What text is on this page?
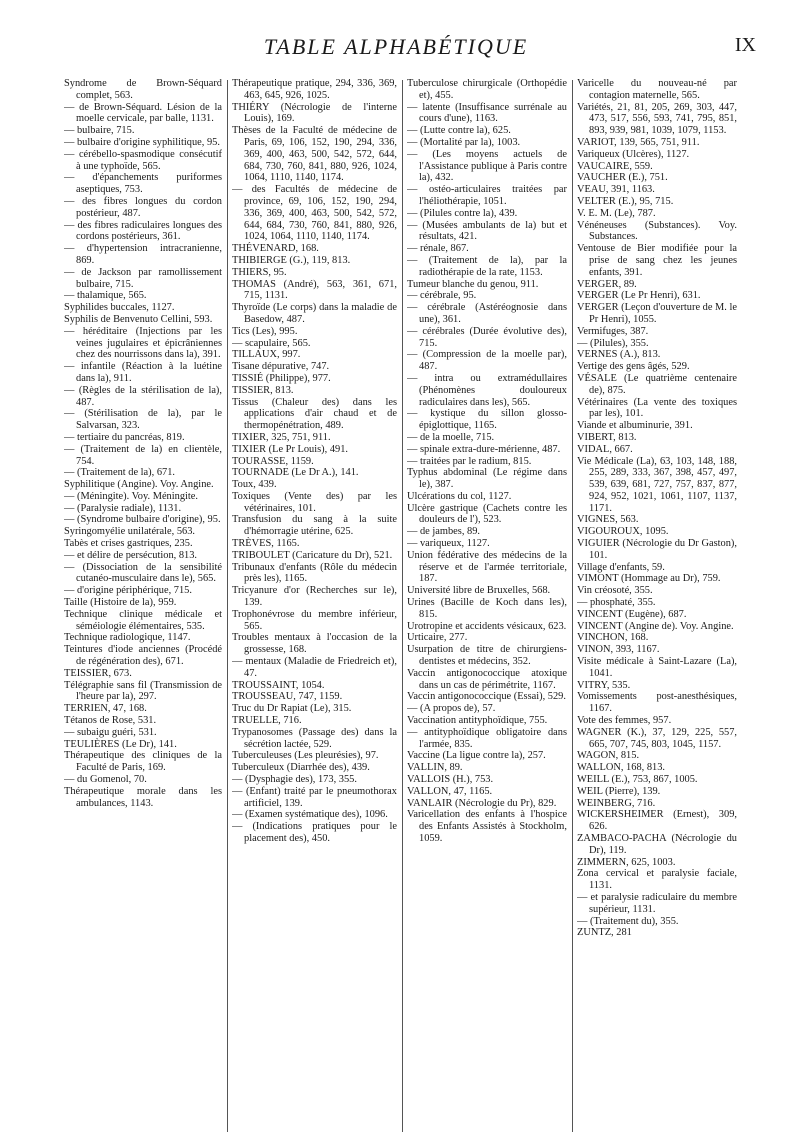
TABLE ALPHABÉTIQUE	IX

Syndrome de Brown-Séquard complet, 563.

— de Brown-Séquard. Lésion de la moelle cervicale, par balle, 1131.

— bulbaire, 715.

— bulbaire d'origine syphilitique, 95.

— cérébello-spasmodique consécutif à une typhoïde, 565.

— d'épanchements puriformes aseptiques, 753.

— des fibres longues du cordon postérieur, 487.

— des fibres radiculaires longues des cordons postérieurs, 361.

— d'hypertension intracranienne, 869.

— de Jackson par ramollissement bulbaire, 715.

— thalamique, 565.

Syphilides buccales, 1127.

Syphilis de Benvenuto Cellini, 593.

— héréditaire (Injections par les veines jugulaires et épicrâniennes chez des nourrissons dans la), 391.

— infantile (Réaction à la luétine dans la), 911.

— (Règles de la stérilisation de la), 487.

— (Stérilisation de la), par le Salvarsan, 323.

— tertiaire du pancréas, 819.

— (Traitement de la) en clientèle, 754.

— (Traitement de la), 671.

Syphilitique (Angine). Voy. Angine.

— (Méningite). Voy. Méningite.

— (Paralysie radiale), 1131.

— (Syndrome bulbaire d'origine), 95.

Syringomyélie unilatérale, 563.

Tabès et crises gastriques, 235.

— et délire de persécution, 813.

— (Dissociation de la sensibilité cutanéo-musculaire dans le), 565.

— d'origine périphérique, 715.

Taille (Histoire de la), 959.

Technique clinique médicale et séméiologie élémentaires, 535.

Technique radiologique, 1147.

Teintures d'iode anciennes (Procédé de régénération des), 671.

TEISSIER, 673.

Télégraphie sans fil (Transmission de l'heure par la), 297.

TERRIEN, 47, 168.

Tétanos de Rose, 531.

— subaigu guéri, 531.

TEULIÈRES (Le Dr), 141.

Thérapeutique des cliniques de la Faculté de Paris, 169.

— du Gomenol, 70.

Thérapeutique morale dans les ambulances, 1143.

Thérapeutique pratique, 294, 336, 369, 463, 645, 926, 1025.

THIÉRY (Nécrologie de l'interne Louis), 169.

Thèses de la Faculté de médecine de Paris, 69, 106, 152, 190, 294, 336, 369, 400, 463, 500, 542, 572, 644, 684, 730, 760, 841, 880, 926, 1024, 1064, 1110, 1140, 1174.

— des Facultés de médecine de province, 69, 106, 152, 190, 294, 336, 369, 400, 463, 500, 542, 572, 644, 684, 730, 760, 841, 880, 926, 1024, 1064, 1110, 1140, 1174.

THÉVENARD, 168.

THIBIERGE (G.), 119, 813.

THIERS, 95.

THOMAS (André), 563, 361, 671, 715, 1131.

Thyroïde (Le corps) dans la maladie de Basedow, 487.

Tics (Les), 995.

— scapulaire, 565.

TILLAUX, 997.

Tisane dépurative, 747.

TISSIÉ (Philippe), 977.

TISSIER, 813.

Tissus (Chaleur des) dans les applications d'air chaud et de thermopénétration, 489.

TIXIER, 325, 751, 911.

TIXIER (Le Pr Louis), 491.

TOURASSE, 1159.

TOURNADE (Le Dr A.), 141.

Toux, 439.

Toxiques (Vente des) par les vétérinaires, 101.

Transfusion du sang à la suite d'hémorragie utérine, 625.

TRÈVES, 1165.

TRIBOULET (Caricature du Dr), 521.

Tribunaux d'enfants (Rôle du médecin près les), 1165.

Tricyanure d'or (Recherches sur le), 139.

Trophonévrose du membre inférieur, 565.

Troubles mentaux à l'occasion de la grossesse, 168.

— mentaux (Maladie de Friedreich et), 47.

TROUSSAINT, 1054.

TROUSSEAU, 747, 1159.

Truc du Dr Rapiat (Le), 315.

TRUELLE, 716.

Trypanosomes (Passage des) dans la sécrétion lactée, 529.

Tuberculeuses (Les pleurésies), 97.

Tuberculeux (Diarrhée des), 439.

— (Dysphagie des), 173, 355.

— (Enfant) traité par le pneumothorax artificiel, 139.

— (Examen systématique des), 1096.

— (Indications pratiques pour le placement des), 450.

Tuberculose chirurgicale (Orthopédie et), 455.

— latente (Insuffisance surrénale au cours d'une), 1163.

— (Lutte contre la), 625.

— (Mortalité par la), 1003.

— (Les moyens actuels de l'Assistance publique à Paris contre la), 432.

— ostéo-articulaires traitées par l'héliothérapie, 1051.

— (Pilules contre la), 439.

— (Musées ambulants de la) but et résultats, 421.

— rénale, 867.

— (Traitement de la), par la radiothérapie de la rate, 1153.

Tumeur blanche du genou, 911.

— cérébrale, 95.

— cérébrale (Astéréognosie dans une), 361.

— cérébrales (Durée évolutive des), 715.

— (Compression de la moelle par), 487.

— intra ou extramédullaires (Phénomènes douloureux radiculaires dans les), 565.

— kystique du sillon glosso-épiglottique, 1165.

— de la moelle, 715.

— spinale extra-dure-mérienne, 487.

— traitées par le radium, 815.

Typhus abdominal (Le régime dans le), 387.

Ulcérations du col, 1127.

Ulcère gastrique (Cachets contre les douleurs de l'), 523.

— de jambes, 89.

— variqueux, 1127.

Union fédérative des médecins de la réserve et de l'armée territoriale, 187.

Université libre de Bruxelles, 568.

Urines (Bacille de Koch dans les), 815.

Urotropine et accidents vésicaux, 623.

Urticaire, 277.

Usurpation de titre de chirurgiens-dentistes et médecins, 352.

Vaccin antigonococcique atoxique dans un cas de périmétrite, 1167.

Vaccin antigonococcique (Essai), 529.

— (A propos de), 57.

Vaccination antityphoïdique, 755.

— antityphoïdique obligatoire dans l'armée, 835.

Vaccine (La ligue contre la), 257.

VALLIN, 89.

VALLOIS (H.), 753.

VALLON, 47, 1165.

VANLAIR (Nécrologie du Pr), 829.

Varicellation des enfants à l'hospice des Enfants Assistés à Stockholm, 1059.

Varicelle du nouveau-né par contagion maternelle, 565.

Variétés, 21, 81, 205, 269, 303, 447, 473, 517, 556, 593, 741, 795, 851, 893, 939, 981, 1039, 1079, 1153.

VARIOT, 139, 565, 751, 911.

Variqueux (Ulcères), 1127.

VAUCAIRE, 559.

VAUCHER (E.), 751.

VEAU, 391, 1163.

VELTER (E.), 95, 715.

V. E. M. (Le), 787.

Vénéneuses (Substances). Voy. Substances.

Ventouse de Bier modifiée pour la prise de sang chez les jeunes enfants, 391.

VERGER, 89.

VERGER (Le Pr Henri), 631.

VERGER (Leçon d'ouverture de M. le Pr Henri), 1055.

Vermifuges, 387.

— (Pilules), 355.

VERNES (A.), 813.

Vertige des gens âgés, 529.

VÉSALE (Le quatrième centenaire de), 875.

Vétérinaires (La vente des toxiques par les), 101.

Viande et albuminurie, 391.

VIBERT, 813.

VIDAL, 667.

Vie Médicale (La), 63, 103, 148, 188, 255, 289, 333, 367, 398, 457, 497, 539, 639, 681, 727, 757, 837, 877, 924, 952, 1021, 1061, 1107, 1137, 1171.

VIGNES, 563.

VIGOUROUX, 1095.

VIGUIER (Nécrologie du Dr Gaston), 101.

Village d'enfants, 59.

VIMONT (Hommage au Dr), 759.

Vin créosoté, 355.

— phosphaté, 355.

VINCENT (Eugène), 687.

VINCENT (Angine de). Voy. Angine.

VINCHON, 168.

VINON, 393, 1167.

Visite médicale à Saint-Lazare (La), 1041.

VITRY, 535.

Vomissements post-anesthésiques, 1167.

Vote des femmes, 957.

WAGNER (K.), 37, 129, 225, 557, 665, 707, 745, 803, 1045, 1157.

WAGON, 815.

WALLON, 168, 813.

WEILL (E.), 753, 867, 1005.

WEIL (Pierre), 139.

WEINBERG, 716.

WICKERSHEIMER (Ernest), 309, 626.

ZAMBACO-PACHA (Nécrologie du Dr), 119.

ZIMMERN, 625, 1003.

Zona cervical et paralysie faciale, 1131.

— et paralysie radiculaire du membre supérieur, 1131.

— (Traitement du), 355.

ZUNTZ, 281
